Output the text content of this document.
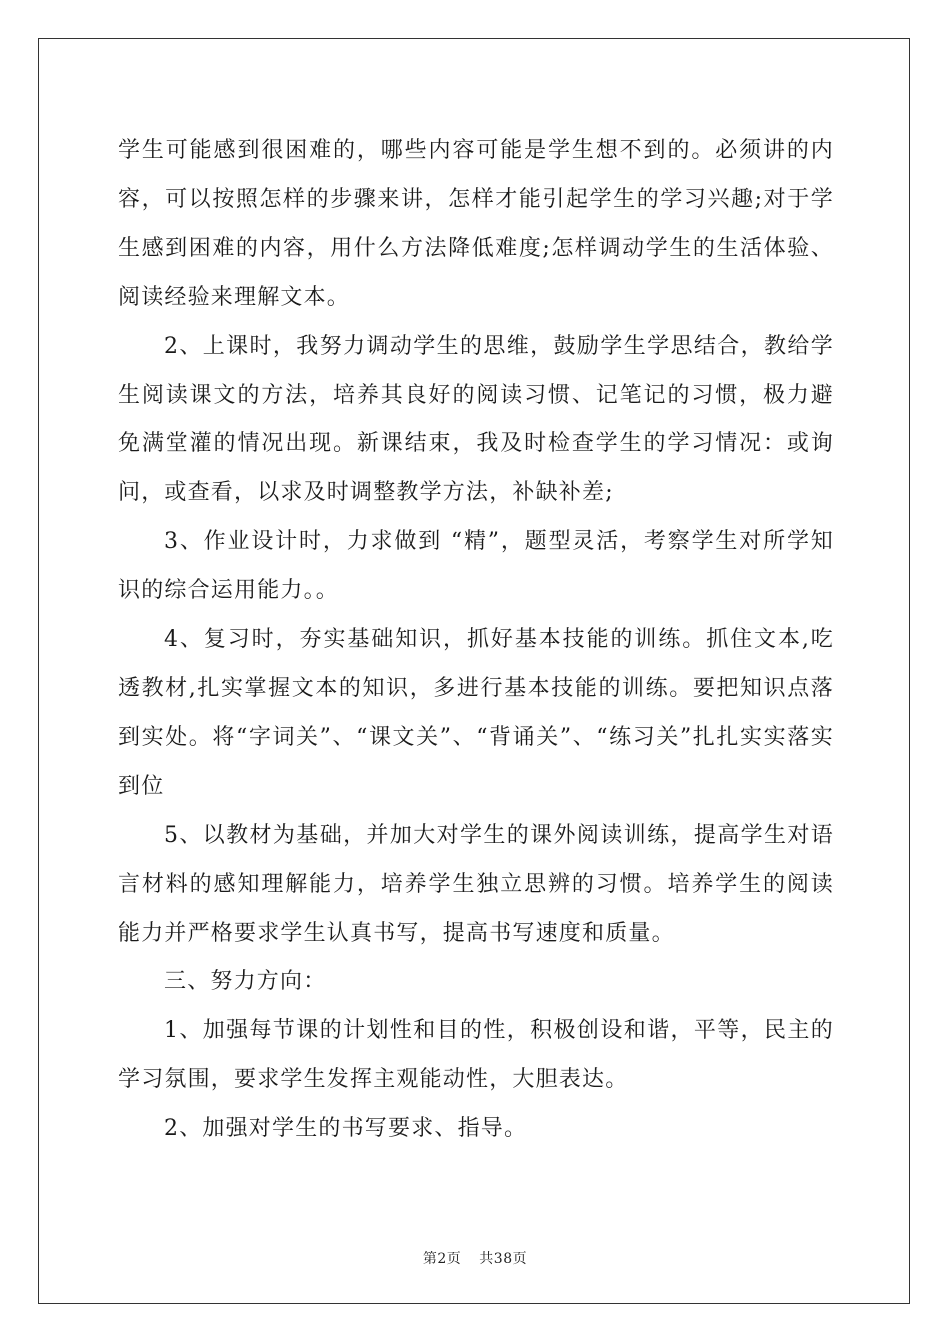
学生可能感到很困难的，哪些内容可能是学生想不到的。必须讲的内容，可以按照怎样的步骤来讲，怎样才能引起学生的学习兴趣;对于学生感到困难的内容，用什么方法降低难度;怎样调动学生的生活体验、阅读经验来理解文本。

2、上课时，我努力调动学生的思维，鼓励学生学思结合，教给学生阅读课文的方法，培养其良好的阅读习惯、记笔记的习惯，极力避免满堂灌的情况出现。新课结束，我及时检查学生的学习情况：或询问，或查看，以求及时调整教学方法，补缺补差;

3、作业设计时，力求做到 “精”，题型灵活，考察学生对所学知识的综合运用能力。。

4、复习时，夯实基础知识，抓好基本技能的训练。抓住文本,吃透教材,扎实掌握文本的知识，多进行基本技能的训练。要把知识点落到实处。将“字词关”、“课文关”、“背诵关”、“练习关”扎扎实实落实到位

5、以教材为基础，并加大对学生的课外阅读训练，提高学生对语言材料的感知理解能力，培养学生独立思辨的习惯。培养学生的阅读能力并严格要求学生认真书写，提高书写速度和质量。

三、努力方向：

1、加强每节课的计划性和目的性，积极创设和谐，平等，民主的学习氛围，要求学生发挥主观能动性，大胆表达。

2、加强对学生的书写要求、指导。

第2页 共38页
